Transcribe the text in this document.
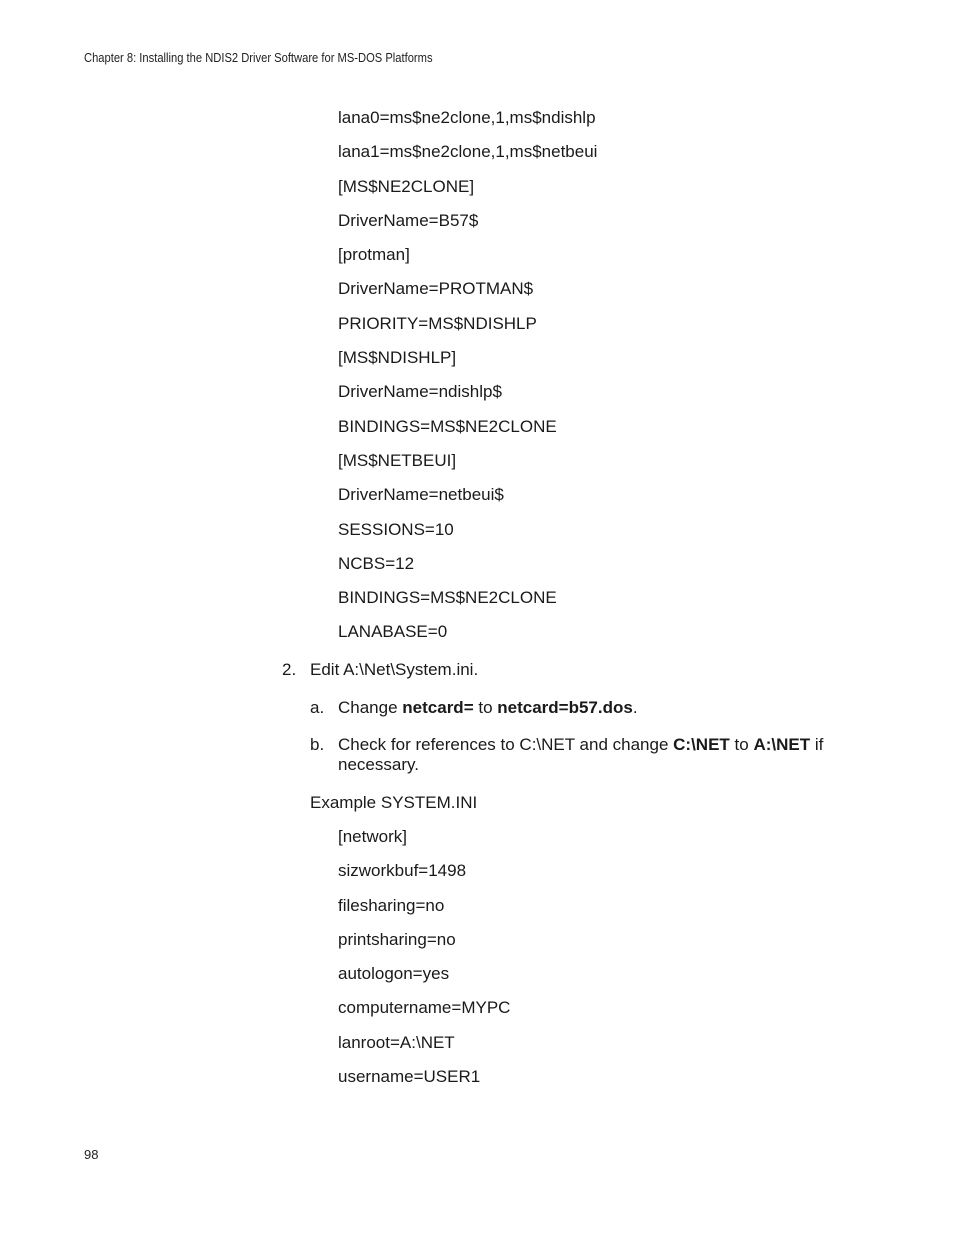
Chapter 8: Installing the NDIS2 Driver Software for MS-DOS Platforms
lana0=ms$ne2clone,1,ms$ndishlp
lana1=ms$ne2clone,1,ms$netbeui
[MS$NE2CLONE]
DriverName=B57$
[protman]
DriverName=PROTMAN$
PRIORITY=MS$NDISHLP
[MS$NDISHLP]
DriverName=ndishlp$
BINDINGS=MS$NE2CLONE
[MS$NETBEUI]
DriverName=netbeui$
SESSIONS=10
NCBS=12
BINDINGS=MS$NE2CLONE
LANABASE=0
2. Edit A:\Net\System.ini.
a. Change netcard= to netcard=b57.dos.
b. Check for references to C:\NET and change C:\NET to A:\NET if necessary.
Example SYSTEM.INI
[network]
sizworkbuf=1498
filesharing=no
printsharing=no
autologon=yes
computername=MYPC
lanroot=A:\NET
username=USER1
98
